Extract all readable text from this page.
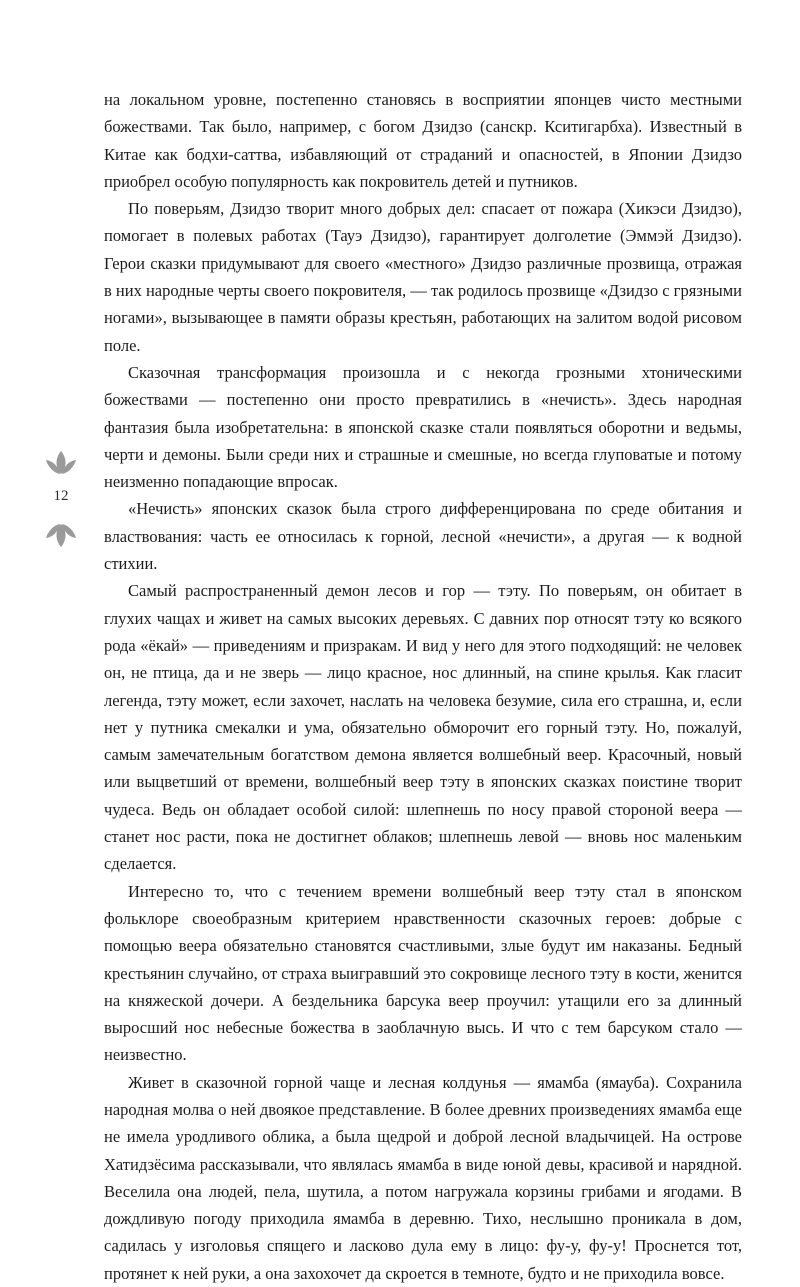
12

на локальном уровне, постепенно становясь в восприятии японцев чисто местными божествами. Так было, например, с богом Дзидзо (санскр. Кситигарбха). Известный в Китае как бодхи-саттва, избавляющий от страданий и опасностей, в Японии Дзидзо приобрел особую популярность как покровитель детей и путников.

По поверьям, Дзидзо творит много добрых дел: спасает от пожара (Хикэси Дзидзо), помогает в полевых работах (Тауэ Дзидзо), гарантирует долголетие (Эммэй Дзидзо). Герои сказки придумывают для своего «местного» Дзидзо различные прозвища, отражая в них народные черты своего покровителя, — так родилось прозвище «Дзидзо с грязными ногами», вызывающее в памяти образы крестьян, работающих на залитом водой рисовом поле.

Сказочная трансформация произошла и с некогда грозными хтоническими божествами — постепенно они просто превратились в «нечисть». Здесь народная фантазия была изобретательна: в японской сказке стали появляться оборотни и ведьмы, черти и демоны. Были среди них и страшные и смешные, но всегда глуповатые и потому неизменно попадающие впросак.

«Нечисть» японских сказок была строго дифференцирована по среде обитания и властвования: часть ее относилась к горной, лесной «нечисти», а другая — к водной стихии.

Самый распространенный демон лесов и гор — тэту. По поверьям, он обитает в глухих чащах и живет на самых высоких деревьях. С давних пор относят тэту ко всякого рода «ёкай» — приведениям и призракам. И вид у него для этого подходящий: не человек он, не птица, да и не зверь — лицо красное, нос длинный, на спине крылья. Как гласит легенда, тэту может, если захочет, наслать на человека безумие, сила его страшна, и, если нет у путника смекалки и ума, обязательно обморочит его горный тэту. Но, пожалуй, самым замечательным богатством демона является волшебный веер. Красочный, новый или выцветший от времени, волшебный веер тэту в японских сказках поистине творит чудеса. Ведь он обладает особой силой: шлепнешь по носу правой стороной веера — станет нос расти, пока не достигнет облаков; шлепнешь левой — вновь нос маленьким сделается.

Интересно то, что с течением времени волшебный веер тэту стал в японском фольклоре своеобразным критерием нравственности сказочных героев: добрые с помощью веера обязательно становятся счастливыми, злые будут им наказаны. Бедный крестьянин случайно, от страха выигравший это сокровище лесного тэту в кости, женится на княжеской дочери. А бездельника барсука веер проучил: утащили его за длинный выросший нос небесные божества в заоблачную высь. И что с тем барсуком стало — неизвестно.

Живет в сказочной горной чаще и лесная колдунья — ямамба (ямауба). Сохранила народная молва о ней двоякое представление. В более древних произведениях ямамба еще не имела уродливого облика, а была щедрой и доброй лесной владычицей. На острове Хатидзёсима рассказывали, что являлась ямамба в виде юной девы, красивой и нарядной. Веселила она людей, пела, шутила, а потом нагружала корзины грибами и ягодами. В дождливую погоду приходила ямамба в деревню. Тихо, неслышно проникала в дом, садилась у изголовья спящего и ласково дула ему в лицо: фу-у, фу-у! Проснется тот, протянет к ней руки, а она захохочет да скроется в темноте, будто и не приходила вовсе.
